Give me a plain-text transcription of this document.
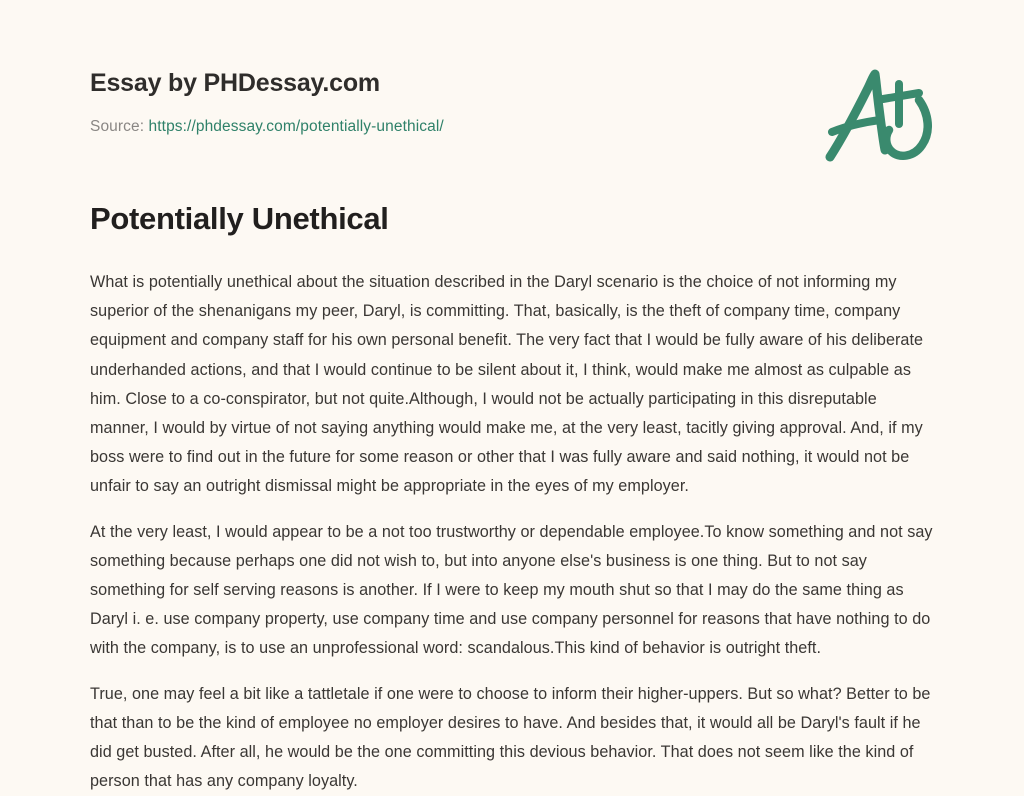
Essay by PHDessay.com
Source: https://phdessay.com/potentially-unethical/
Potentially Unethical

What is potentially unethical about the situation described in the Daryl scenario is the choice of not informing my superior of the shenanigans my peer, Daryl, is committing. That, basically, is the theft of company time, company equipment and company staff for his own personal benefit. The very fact that I would be fully aware of his deliberate underhanded actions, and that I would continue to be silent about it, I think, would make me almost as culpable as him. Close to a co-conspirator, but not quite.Although, I would not be actually participating in this disreputable manner, I would by virtue of not saying anything would make me, at the very least, tacitly giving approval. And, if my boss were to find out in the future for some reason or other that I was fully aware and said nothing, it would not be unfair to say an outright dismissal might be appropriate in the eyes of my employer.

At the very least, I would appear to be a not too trustworthy or dependable employee.To know something and not say something because perhaps one did not wish to, but into anyone else's business is one thing. But to not say something for self serving reasons is another. If I were to keep my mouth shut so that I may do the same thing as Daryl i. e. use company property, use company time and use company personnel for reasons that have nothing to do with the company, is to use an unprofessional word: scandalous.This kind of behavior is outright theft.

True, one may feel a bit like a tattletale if one were to choose to inform their higher-uppers. But so what? Better to be that than to be the kind of employee no employer desires to have. And besides that, it would all be Daryl's fault if he did get busted. After all, he would be the one committing this devious behavior. That does not seem like the kind of person that has any company loyalty.
